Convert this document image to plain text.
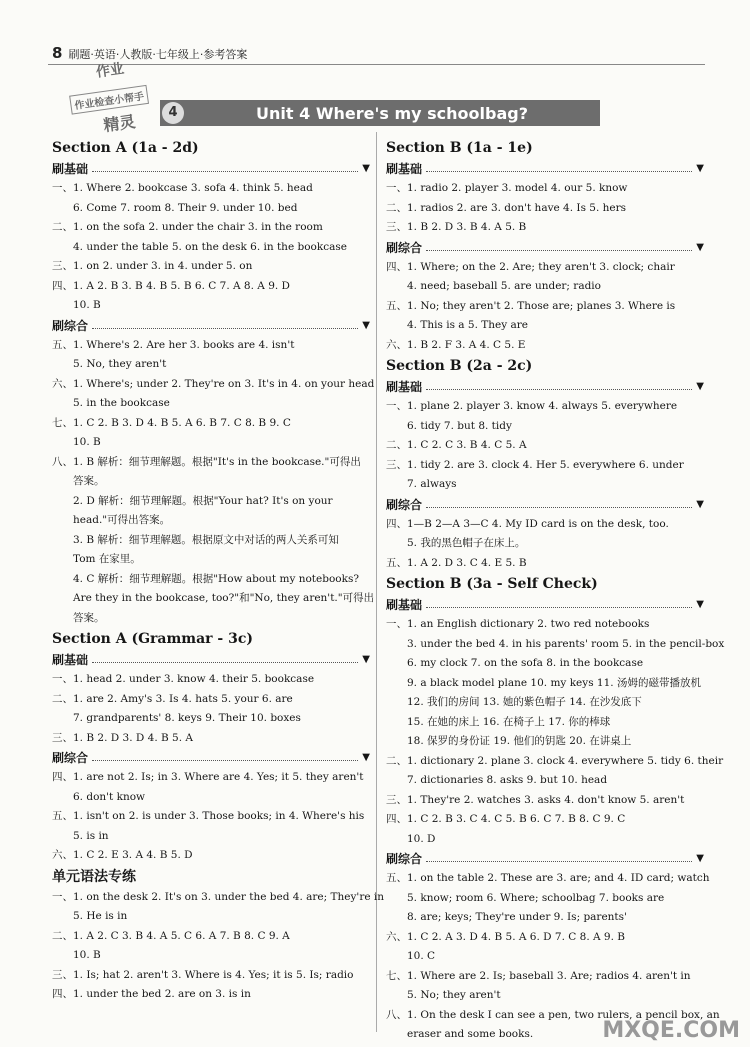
8 刷题·英语·人教版·七年级上·参考答案
作业
作业检查小帮手
精灵	4	Unit 4 Where's my schoolbag?
Section A (1a - 2d)
刷基础	▼
一、1. Where 2. bookcase 3. sofa 4. think 5. head
6. Come 7. room 8. Their 9. under 10. bed
二、1. on the sofa 2. under the chair 3. in the room
4. under the table 5. on the desk 6. in the bookcase
三、1. on 2. under 3. in 4. under 5. on
四、1. A 2. B 3. B 4. B 5. B 6. C 7. A 8. A 9. D
10. B
刷综合	▼
五、1. Where's 2. Are her 3. books are 4. isn't
5. No, they aren't
六、1. Where's; under 2. They're on 3. It's in 4. on your head
5. in the bookcase
七、1. C 2. B 3. D 4. B 5. A 6. B 7. C 8. B 9. C
10. B
八、1. B 解析：细节理解题。根据"It's in the bookcase."可得出
答案。
2. D 解析：细节理解题。根据"Your hat? It's on your
head."可得出答案。
3. B 解析：细节理解题。根据原文中对话的两人关系可知
Tom 在家里。
4. C 解析：细节理解题。根据"How about my notebooks?
Are they in the bookcase, too?"和"No, they aren't."可得出
答案。
Section A (Grammar - 3c)
刷基础	▼
一、1. head 2. under 3. know 4. their 5. bookcase
二、1. are 2. Amy's 3. Is 4. hats 5. your 6. are
7. grandparents' 8. keys 9. Their 10. boxes
三、1. B 2. D 3. D 4. B 5. A
刷综合	▼
四、1. are not 2. Is; in 3. Where are 4. Yes; it 5. they aren't
6. don't know
五、1. isn't on 2. is under 3. Those books; in 4. Where's his
5. is in
六、1. C 2. E 3. A 4. B 5. D
单元语法专练
一、1. on the desk 2. It's on 3. under the bed 4. are; They're in
5. He is in
二、1. A 2. C 3. B 4. A 5. C 6. A 7. B 8. C 9. A
10. B
三、1. Is; hat 2. aren't 3. Where is 4. Yes; it is 5. Is; radio
四、1. under the bed 2. are on 3. is in
Section B (1a - 1e)
刷基础	▼
一、1. radio 2. player 3. model 4. our 5. know
二、1. radios 2. are 3. don't have 4. Is 5. hers
三、1. B 2. D 3. B 4. A 5. B
刷综合	▼
四、1. Where; on the 2. Are; they aren't 3. clock; chair
4. need; baseball 5. are under; radio
五、1. No; they aren't 2. Those are; planes 3. Where is
4. This is a 5. They are
六、1. B 2. F 3. A 4. C 5. E
Section B (2a - 2c)
刷基础	▼
一、1. plane 2. player 3. know 4. always 5. everywhere
6. tidy 7. but 8. tidy
二、1. C 2. C 3. B 4. C 5. A
三、1. tidy 2. are 3. clock 4. Her 5. everywhere 6. under
7. always
刷综合	▼
四、1—B 2—A 3—C 4. My ID card is on the desk, too.
5. 我的黑色帽子在床上。
五、1. A 2. D 3. C 4. E 5. B
Section B (3a - Self Check)
刷基础	▼
一、1. an English dictionary 2. two red notebooks
3. under the bed 4. in his parents' room 5. in the pencil-box
6. my clock 7. on the sofa 8. in the bookcase
9. a black model plane 10. my keys 11. 汤姆的磁带播放机
12. 我们的房间 13. 她的紫色帽子 14. 在沙发底下
15. 在她的床上 16. 在椅子上 17. 你的棒球
18. 保罗的身份证 19. 他们的钥匙 20. 在讲桌上
二、1. dictionary 2. plane 3. clock 4. everywhere 5. tidy 6. their
7. dictionaries 8. asks 9. but 10. head
三、1. They're 2. watches 3. asks 4. don't know 5. aren't
四、1. C 2. B 3. C 4. C 5. B 6. C 7. B 8. C 9. C
10. D
刷综合	▼
五、1. on the table 2. These are 3. are; and 4. ID card; watch
5. know; room 6. Where; schoolbag 7. books are
8. are; keys; They're under 9. Is; parents'
六、1. C 2. A 3. D 4. B 5. A 6. D 7. C 8. A 9. B
10. C
七、1. Where are 2. Is; baseball 3. Are; radios 4. aren't in
5. No; they aren't
八、1. On the desk I can see a pen, two rulers, a pencil box, an
eraser and some books.	MXQE.COM
